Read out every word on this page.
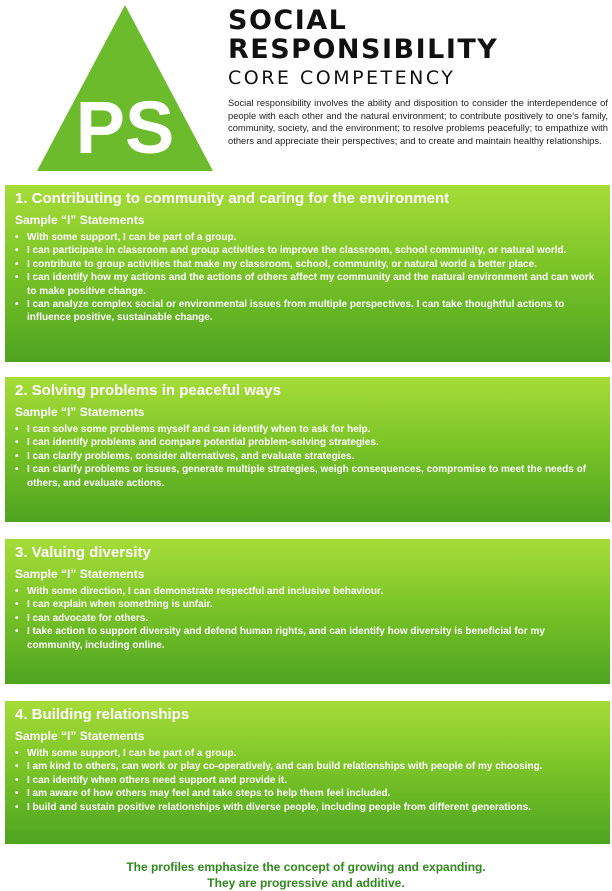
PS
SOCIAL
RESPONSIBILITY
CORE COMPETENCY
Social responsibility involves the ability and disposition to consider the interdependence of people with each other and the natural environment; to contribute positively to one’s family, community, society, and the environment; to resolve problems peacefully; to empathize with others and appreciate their perspectives; and to create and maintain healthy relationships.
1. Contributing to community and caring for the environment
Sample “I” Statements
• With some support, I can be part of a group.
• I can participate in classroom and group activities to improve the classroom, school community, or natural world.
• I contribute to group activities that make my classroom, school, community, or natural world a better place.
• I can identify how my actions and the actions of others affect my community and the natural environment and can work to make positive change.
• I can analyze complex social or environmental issues from multiple perspectives. I can take thoughtful actions to influence positive, sustainable change.
2. Solving problems in peaceful ways
Sample “I” Statements
• I can solve some problems myself and can identify when to ask for help.
• I can identify problems and compare potential problem-solving strategies.
• I can clarify problems, consider alternatives, and evaluate strategies.
• I can clarify problems or issues, generate multiple strategies, weigh consequences, compromise to meet the needs of others, and evaluate actions.
3. Valuing diversity
Sample “I” Statements
• With some direction, I can demonstrate respectful and inclusive behaviour.
• I can explain when something is unfair.
• I can advocate for others.
• I take action to support diversity and defend human rights, and can identify how diversity is beneficial for my community, including online.
4. Building relationships
Sample “I” Statements
• With some support, I can be part of a group.
• I am kind to others, can work or play co-operatively, and can build relationships with people of my choosing.
• I can identify when others need support and provide it.
• I am aware of how others may feel and take steps to help them feel included.
• I build and sustain positive relationships with diverse people, including people from different generations.
The profiles emphasize the concept of growing and expanding.
They are progressive and additive.
